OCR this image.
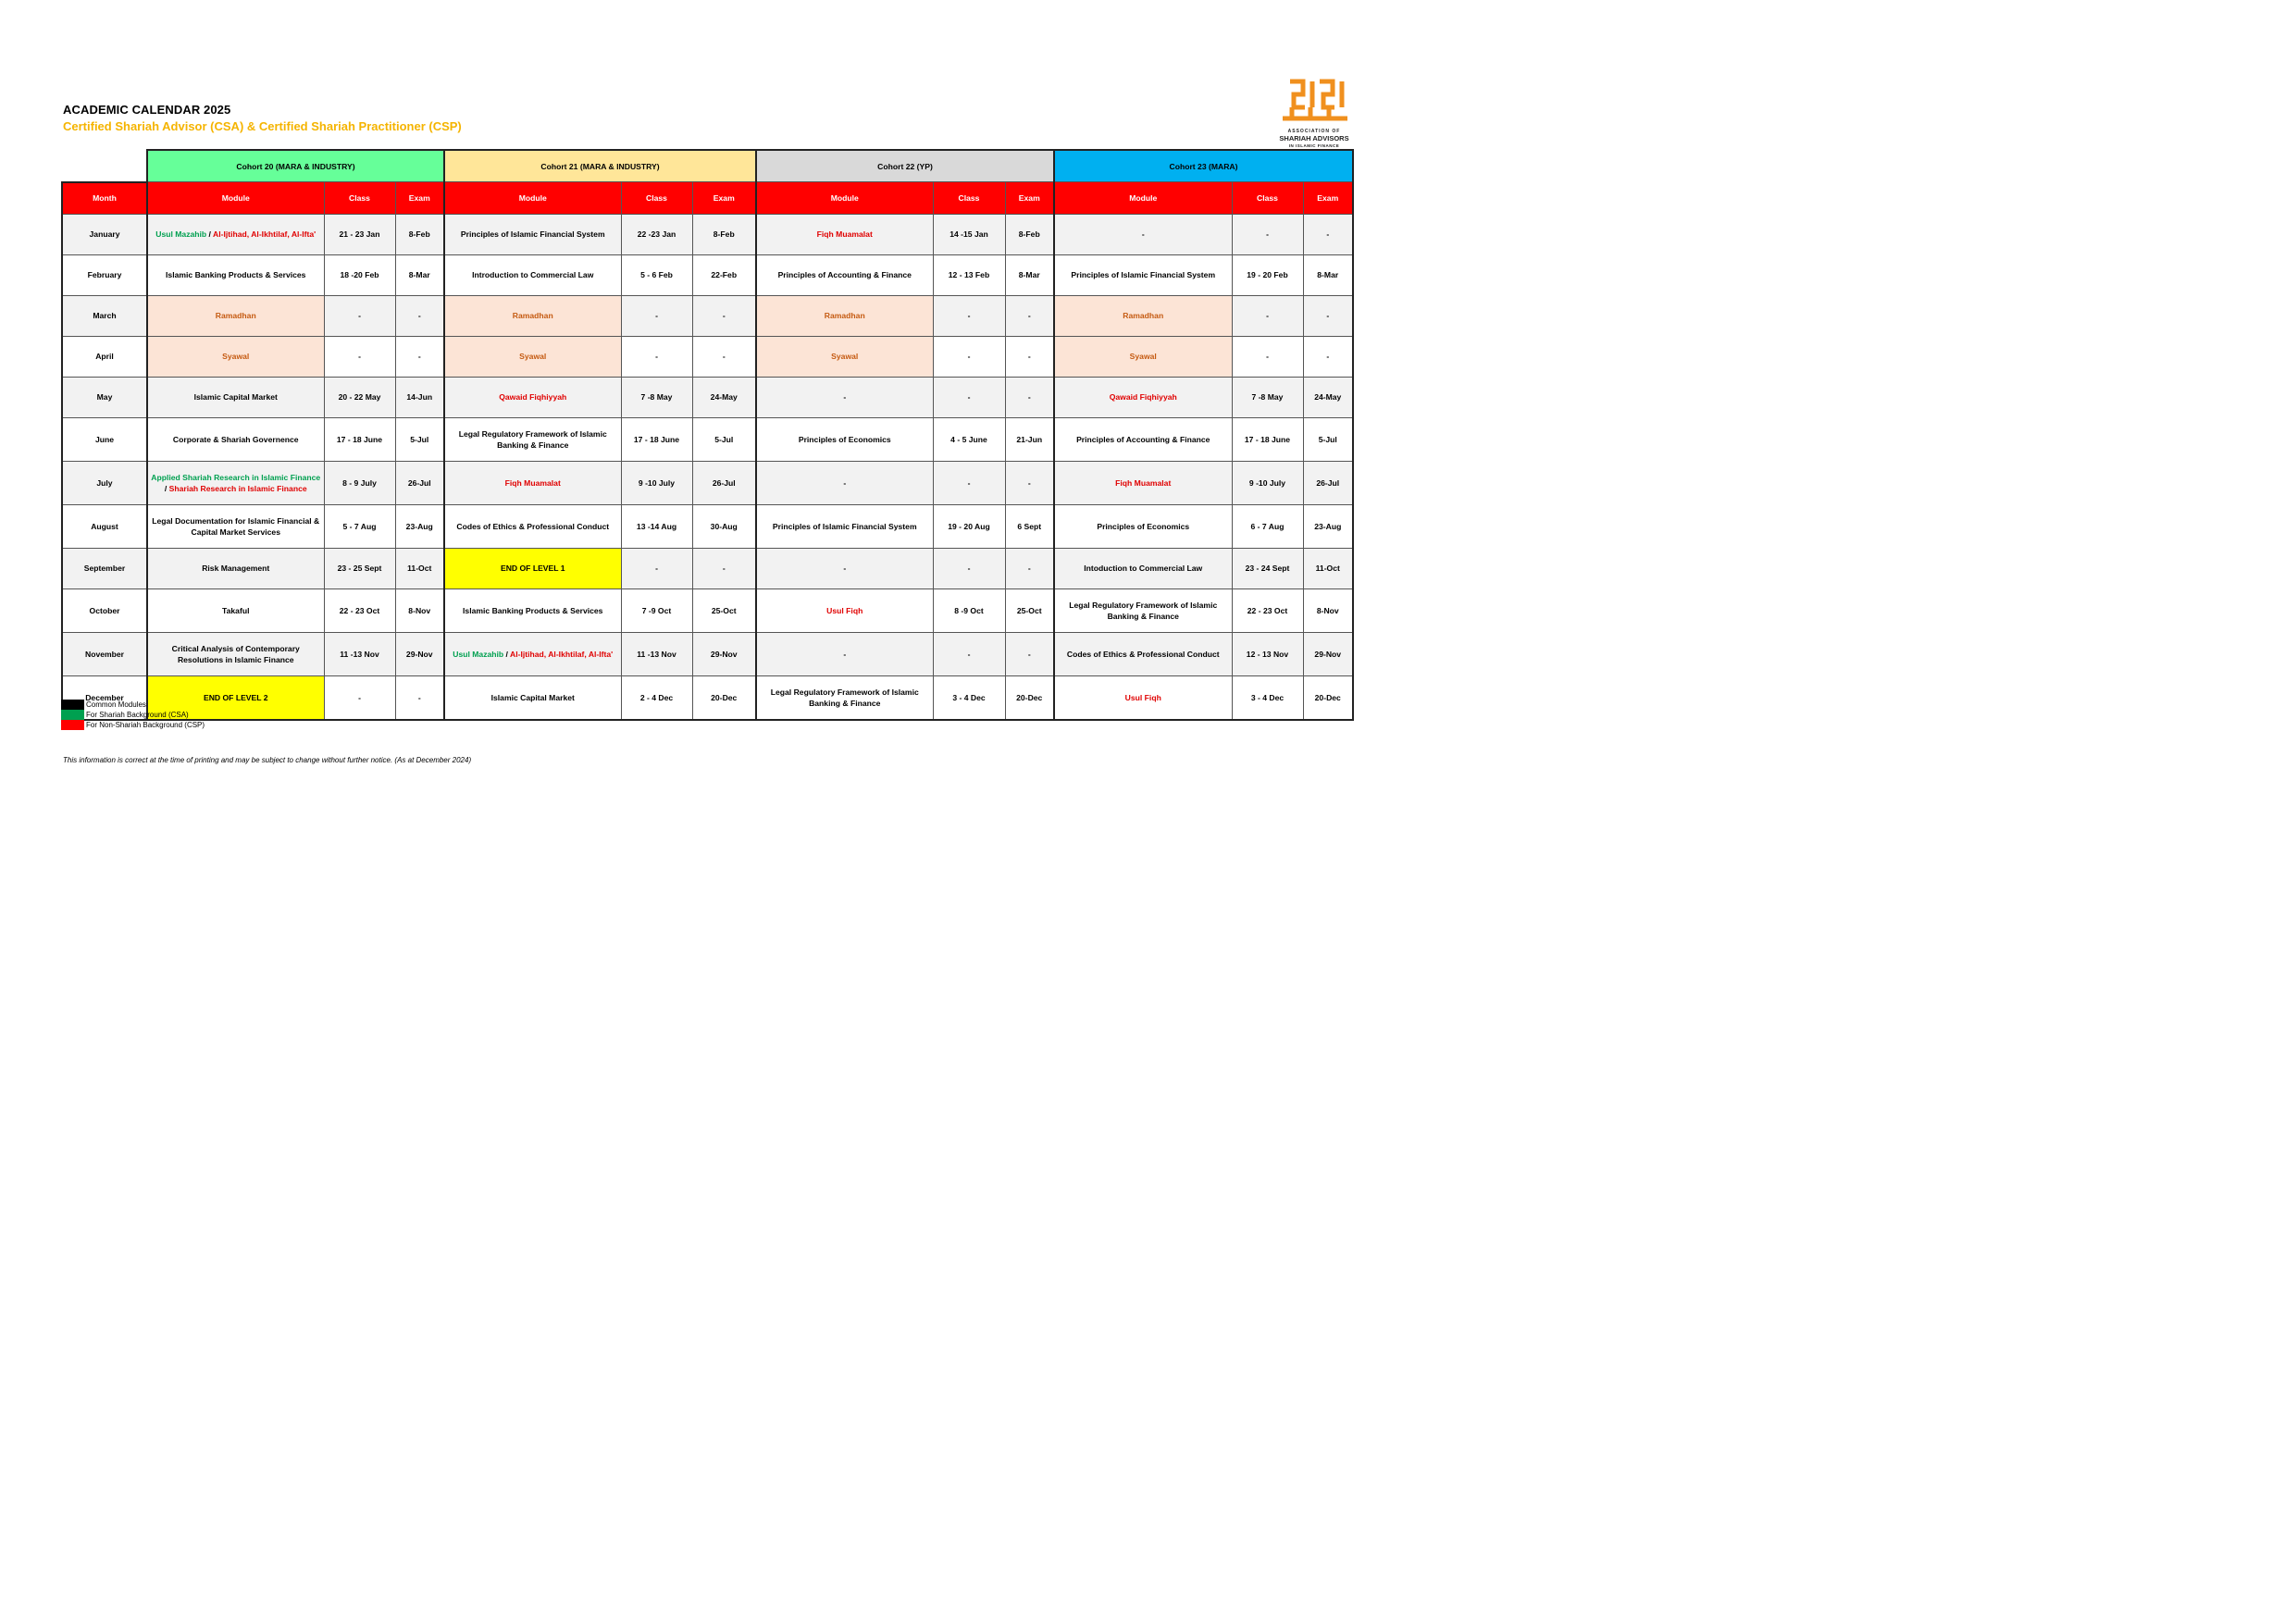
ACADEMIC CALENDAR 2025
Certified Shariah Advisor (CSA) & Certified Shariah Practitioner (CSP)	ASSOCIATION OF
SHARIAH ADVISORS
IN ISLAMIC FINANCE
	Cohort 20 (MARA & INDUSTRY)			Cohort 21 (MARA & INDUSTRY)			Cohort 22 (YP)			Cohort 23 (MARA)		
Month	Module	Class	Exam	Module	Class	Exam	Module	Class	Exam	Module	Class	Exam
January	Usul Mazahib / Al-Ijtihad, Al-Ikhtilaf, Al-Ifta'	21 - 23 Jan	8-Feb	Principles of Islamic Financial System	22 -23 Jan	8-Feb	Fiqh Muamalat	14 -15 Jan	8-Feb	-	-	-
February	Islamic Banking Products & Services	18 -20 Feb	8-Mar	Introduction to Commercial Law	5 - 6 Feb	22-Feb	Principles of Accounting & Finance	12 - 13 Feb	8-Mar	Principles of Islamic Financial System	19 - 20 Feb	8-Mar
March	Ramadhan	-	-	Ramadhan	-	-	Ramadhan	-	-	Ramadhan	-	-
April	Syawal	-	-	Syawal	-	-	Syawal	-	-	Syawal	-	-
May	Islamic Capital Market	20 - 22 May	14-Jun	Qawaid Fiqhiyyah	7 -8 May	24-May	-	-	-	Qawaid Fiqhiyyah	7 -8 May	24-May
June	Corporate & Shariah Governence	17 - 18 June	5-Jul	Legal Regulatory Framework of Islamic Banking & Finance	17 - 18 June	5-Jul	Principles of Economics	4 - 5 June	21-Jun	Principles of Accounting & Finance	17 - 18 June	5-Jul
July	Applied Shariah Research in Islamic Finance / Shariah Research in Islamic Finance	8 - 9 July	26-Jul	Fiqh Muamalat	9 -10 July	26-Jul	-	-	-	Fiqh Muamalat	9 -10 July	26-Jul
August	Legal Documentation for Islamic Financial & Capital Market Services	5 - 7 Aug	23-Aug	Codes of Ethics & Professional Conduct	13 -14 Aug	30-Aug	Principles of Islamic Financial System	19 - 20 Aug	6 Sept	Principles of Economics	6 - 7 Aug	23-Aug
September	Risk Management	23 - 25 Sept	11-Oct	END OF LEVEL 1	-	-	-	-	-	Intoduction to Commercial Law	23 - 24 Sept	11-Oct
October	Takaful	22 - 23 Oct	8-Nov	Islamic Banking Products & Services	7 -9 Oct	25-Oct	Usul Fiqh	8 -9 Oct	25-Oct	Legal Regulatory Framework of Islamic Banking & Finance	22 - 23 Oct	8-Nov
November	Critical Analysis of Contemporary Resolutions in Islamic Finance	11 -13 Nov	29-Nov	Usul Mazahib / Al-Ijtihad, Al-Ikhtilaf, Al-Ifta'	11 -13 Nov	29-Nov	-	-	-	Codes of Ethics & Professional Conduct	12 - 13 Nov	29-Nov
December	END OF LEVEL 2	-	-	Islamic Capital Market	2 - 4 Dec	20-Dec	Legal Regulatory Framework of Islamic Banking & Finance	3 - 4 Dec	20-Dec	Usul Fiqh	3 - 4 Dec	20-Dec
Common Modules
For Shariah Background (CSA)
For Non-Shariah Background (CSP)
This information is correct at the time of printing and may be subject to change without further notice. (As at December 2024)
